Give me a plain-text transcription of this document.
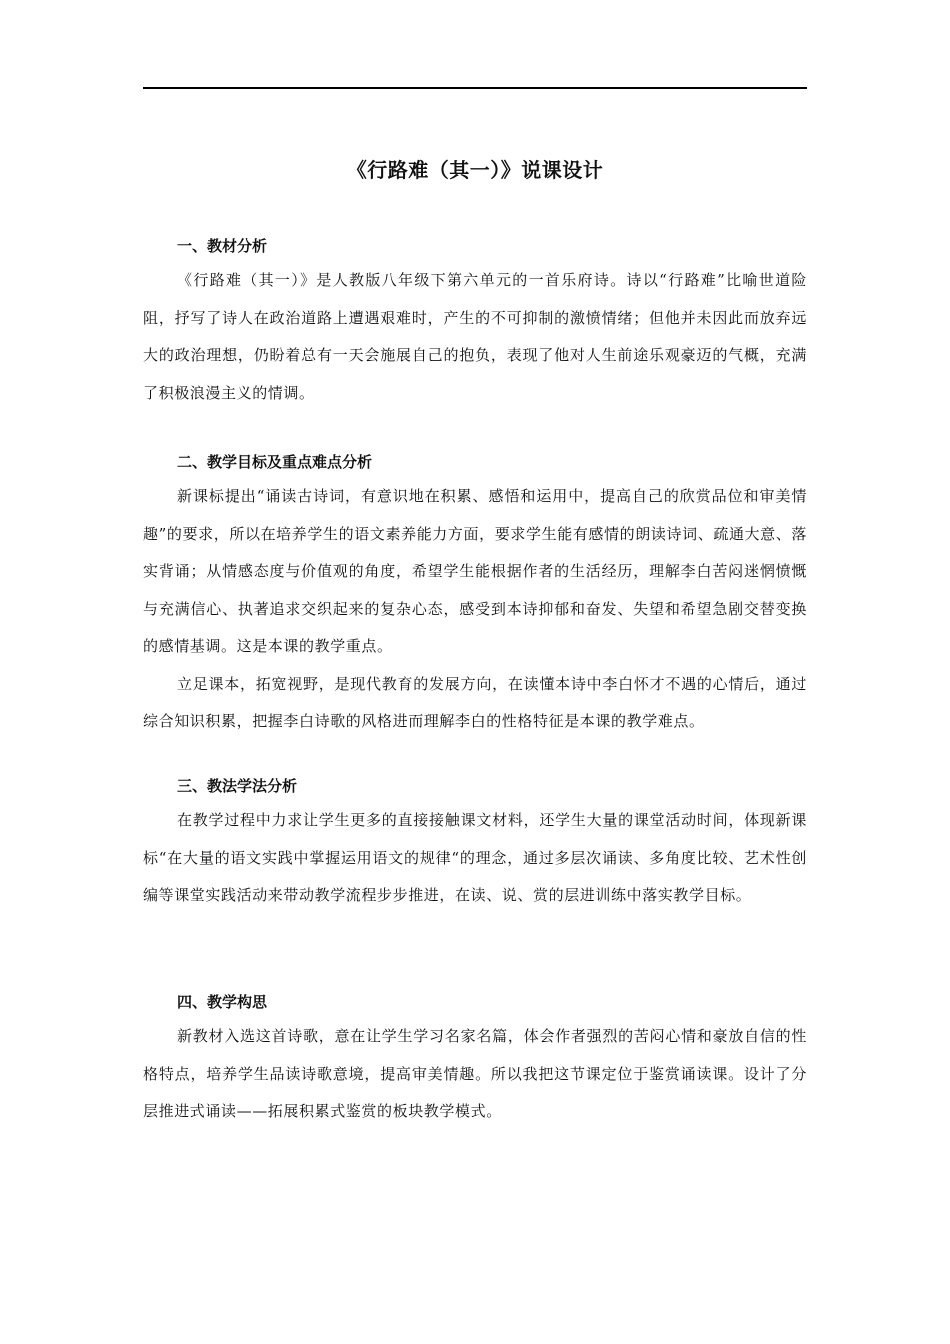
《行路难（其一）》说课设计
一、教材分析

《行路难（其一）》是人教版八年级下第六单元的一首乐府诗。诗以“行路难”比喻世道险阻，抒写了诗人在政治道路上遭遇艰难时，产生的不可抑制的激愤情绪；但他并未因此而放弃远大的政治理想，仍盼着总有一天会施展自己的抱负，表现了他对人生前途乐观豪迈的气概，充满了积极浪漫主义的情调。

二、教学目标及重点难点分析

新课标提出“诵读古诗词，有意识地在积累、感悟和运用中，提高自己的欣赏品位和审美情趣”的要求，所以在培养学生的语文素养能力方面，要求学生能有感情的朗读诗词、疏通大意、落实背诵；从情感态度与价值观的角度，希望学生能根据作者的生活经历，理解李白苦闷迷惘愤慨与充满信心、执著追求交织起来的复杂心态，感受到本诗抑郁和奋发、失望和希望急剧交替变换的感情基调。这是本课的教学重点。

立足课本，拓宽视野，是现代教育的发展方向，在读懂本诗中李白怀才不遇的心情后，通过综合知识积累，把握李白诗歌的风格进而理解李白的性格特征是本课的教学难点。

三、教法学法分析

在教学过程中力求让学生更多的直接接触课文材料，还学生大量的课堂活动时间，体现新课标“在大量的语文实践中掌握运用语文的规律“的理念，通过多层次诵读、多角度比较、艺术性创编等课堂实践活动来带动教学流程步步推进，在读、说、赏的层进训练中落实教学目标。

四、教学构思

新教材入选这首诗歌，意在让学生学习名家名篇，体会作者强烈的苦闷心情和豪放自信的性格特点，培养学生品读诗歌意境，提高审美情趣。所以我把这节课定位于鉴赏诵读课。设计了分层推进式诵读——拓展积累式鉴赏的板块教学模式。
